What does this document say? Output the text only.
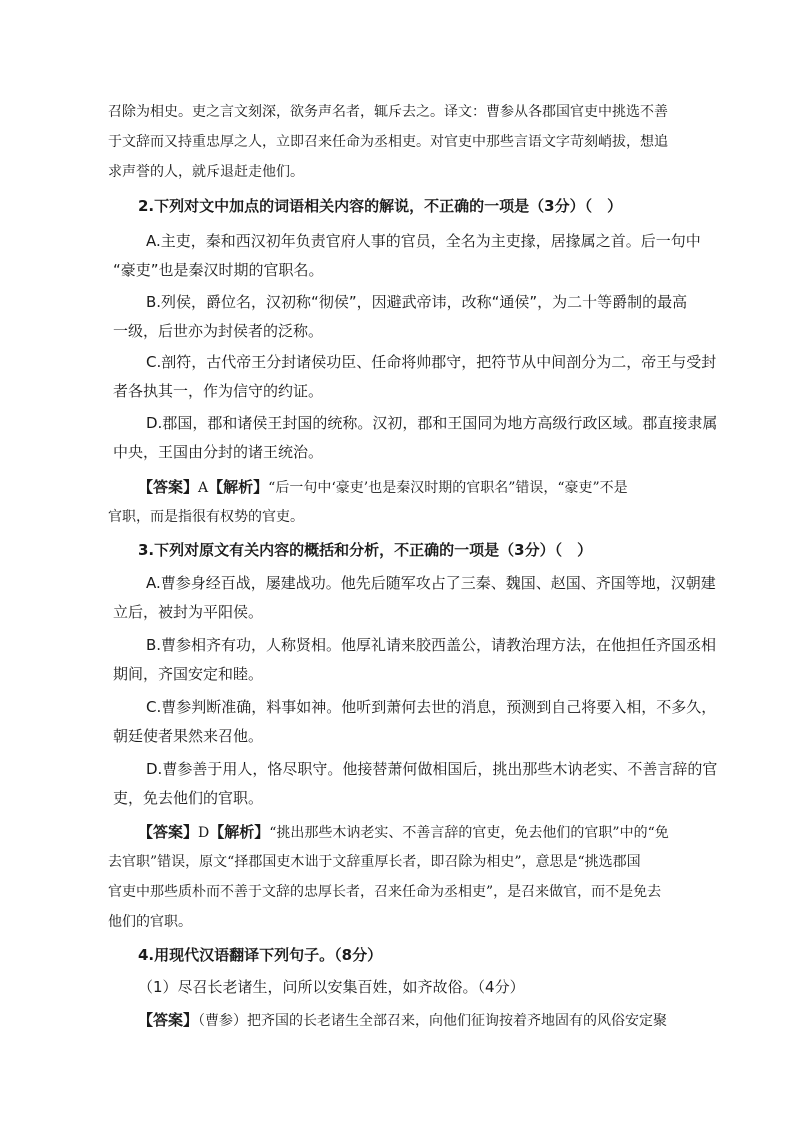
召除为相史。吏之言文刻深，欲务声名者，辄斥去之。译文：曹参从各郡国官吏中挑选不善
于文辞而又持重忠厚之人，立即召来任命为丞相吏。对官吏中那些言语文字苛刻峭拔，想追
求声誉的人，就斥退赶走他们。
2.下列对文中加点的词语相关内容的解说，不正确的一项是（3分）（　）
A.主吏，秦和西汉初年负责官府人事的官员，全名为主吏掾，居掾属之首。后一句中
“豪吏”也是秦汉时期的官职名。
B.列侯，爵位名，汉初称“彻侯”，因避武帝讳，改称“通侯”，为二十等爵制的最高
一级，后世亦为封侯者的泛称。
C.剖符，古代帝王分封诸侯功臣、任命将帅郡守，把符节从中间剖分为二，帝王与受封
者各执其一，作为信守的约证。
D.郡国，郡和诸侯王封国的统称。汉初，郡和王国同为地方高级行政区域。郡直接隶属
中央，王国由分封的诸王统治。
【答案】A【解析】“后一句中‘豪吏’也是秦汉时期的官职名”错误，“豪吏”不是
官职，而是指很有权势的官吏。
3.下列对原文有关内容的概括和分析，不正确的一项是（3分）（　）
A.曹参身经百战，屡建战功。他先后随军攻占了三秦、魏国、赵国、齐国等地，汉朝建
立后，被封为平阳侯。
B.曹参相齐有功，人称贤相。他厚礼请来胶西盖公，请教治理方法，在他担任齐国丞相
期间，齐国安定和睦。
C.曹参判断准确，料事如神。他听到萧何去世的消息，预测到自己将要入相，不多久，
朝廷使者果然来召他。
D.曹参善于用人，恪尽职守。他接替萧何做相国后，挑出那些木讷老实、不善言辞的官
吏，免去他们的官职。
【答案】D【解析】“挑出那些木讷老实、不善言辞的官吏，免去他们的官职”中的“免
去官职”错误，原文“择郡国吏木诎于文辞重厚长者，即召除为相史”，意思是“挑选郡国
官吏中那些质朴而不善于文辞的忠厚长者，召来任命为丞相吏”，是召来做官，而不是免去
他们的官职。
4.用现代汉语翻译下列句子。（8分）
（1）尽召长老诸生，问所以安集百姓，如齐故俗。（4分）
【答案】（曹参）把齐国的长老诸生全部召来，向他们征询按着齐地固有的风俗安定聚
